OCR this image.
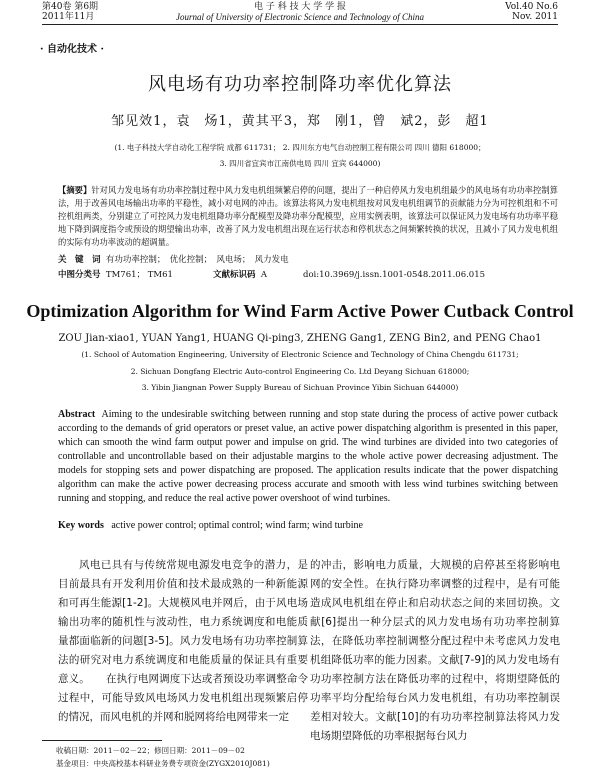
第40卷 第6期
2011年11月
电 子 科 技 大 学 学 报
Journal of University of Electronic Science and Technology of China
Vol.40 No.6
Nov. 2011
· 自动化技术 ·
风电场有功功率控制降功率优化算法
邹见效1，袁　炀1，黄其平3，郑　刚1，曾　斌2，彭　超1
(1. 电子科技大学自动化工程学院 成都 611731； 2. 四川东方电气自动控制工程有限公司 四川 德阳 618000；
3. 四川省宜宾市江南供电局 四川 宜宾 644000)
【摘要】针对风力发电场有功功率控制过程中风力发电机组频繁启停的问题，提出了一种启停风力发电机组最少的风电场有功功率控制算法，用于改善风电场输出功率的平稳性，减小对电网的冲击。该算法将风力发电机组按对风发电机组调节的贡献能力分为可控机组和不可控机组两类，分别建立了可控风力发电机组降功率分配模型及降功率分配模型，应用实例表明，该算法可以保证风力发电场有功功率平稳地下降到调度指令或预设的期望输出功率，改善了风力发电机组出现在运行状态和停机状态之间频繁转换的状况，且减小了风力发电机组的实际有功功率波动的超调量。
关　键　词 有功功率控制；　优化控制；　风电场；　风力发电
中图分类号 TM761； TM61	文献标识码 A	doi:10.3969/j.issn.1001-0548.2011.06.015
Optimization Algorithm for Wind Farm Active Power Cutback Control
ZOU Jian-xiao1, YUAN Yang1, HUANG Qi-ping3, ZHENG Gang1, ZENG Bin2, and PENG Chao1
(1. School of Automation Engineering, University of Electronic Science and Technology of China Chengdu 611731;
2. Sichuan Dongfang Electric Auto-control Engineering Co. Ltd Deyang Sichuan 618000;
3. Yibin Jiangnan Power Supply Bureau of Sichuan Province Yibin Sichuan 644000)
Abstract Aiming to the undesirable switching between running and stop state during the process of active power cutback according to the demands of grid operators or preset value, an active power dispatching algorithm is presented in this paper, which can smooth the wind farm output power and impulse on grid. The wind turbines are divided into two categories of controllable and uncontrollable based on their adjustable margins to the whole active power decreasing adjustment. The models for stopping sets and power dispatching are proposed. The application results indicate that the power dispatching algorithm can make the active power decreasing process accurate and smooth with less wind turbines switching between running and stopping, and reduce the real active power overshoot of wind turbines.
Key words active power control; optimal control; wind farm; wind turbine
风电已具有与传统常规电源发电竞争的潜力，是目前最具有开发利用价值和技术最成熟的一种新能源和可再生能源[1-2]。大规模风电并网后，由于风电场输出功率的随机性与波动性，电力系统调度和电能质量都面临新的问题[3-5]。风力发电场有功功率控制算法的研究对电力系统调度和电能质量的保证具有重要意义。　　在执行电网调度下达或者预设功率调整命令过程中，可能导致风电场风力发电机组出现频繁启停的情况，而风电机的并网和脱网将给电网带来一定
的冲击，影响电力质量，大规模的启停甚至将影响电网的安全性。在执行降功率调整的过程中，是有可能造成风电机组在停止和启动状态之间的来回切换。文献[6]提出一种分层式的风力发电场有功功率控制算法，在降低功率控制调整分配过程中未考虑风力发电机组降低功率的能力因素。文献[7-9]的风力发电场有功功率控制方法在降低功率的过程中，将期望降低的功率平均分配给每台风力发电机组，有功功率控制误差相对较大。文献[10]的有功功率控制算法将风力发电场期望降低的功率根据每台风力
收稿日期：2011－02－22；修回日期：2011－09－02
基金项目：中央高校基本科研业务费专项资金(ZYGX2010J081)
